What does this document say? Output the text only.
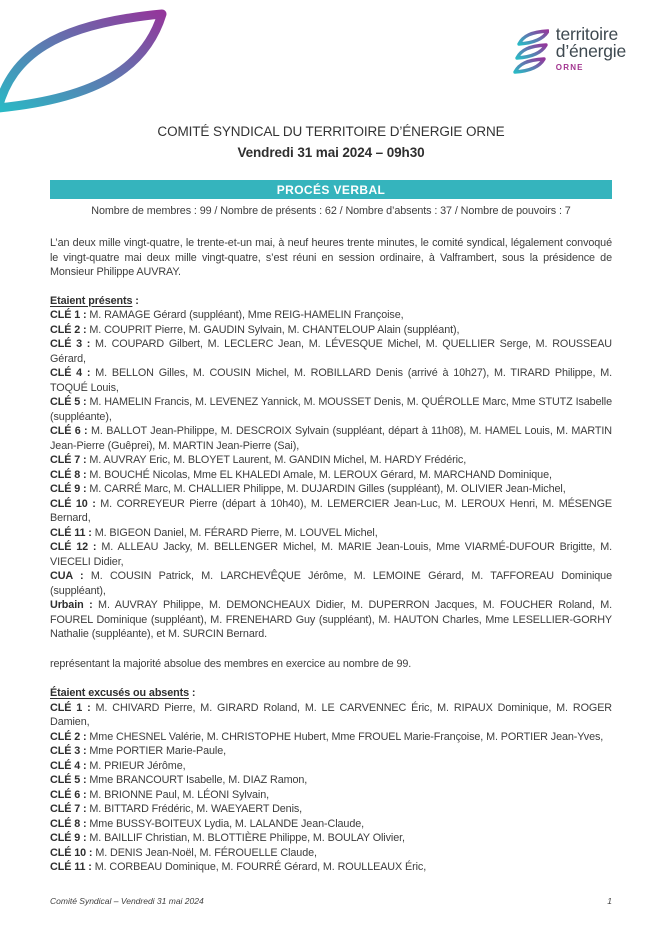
territoire
d’énergie
ORNE
COMITÉ SYNDICAL DU TERRITOIRE D’ÉNERGIE ORNE
Vendredi 31 mai 2024 – 09h30
PROCÉS VERBAL
Nombre de membres : 99 / Nombre de présents : 62 / Nombre d’absents : 37 / Nombre de pouvoirs : 7

L’an deux mille vingt-quatre, le trente-et-un mai, à neuf heures trente minutes, le comité syndical, légalement convoqué le vingt-quatre mai deux mille vingt-quatre, s’est réuni en session ordinaire, à Valframbert, sous la présidence de Monsieur Philippe AUVRAY.

Etaient présents :

CLÉ 1 : M. RAMAGE Gérard (suppléant), Mme REIG-HAMELIN Françoise,

CLÉ 2 : M. COUPRIT Pierre, M. GAUDIN Sylvain, M. CHANTELOUP Alain (suppléant),

CLÉ 3 : M. COUPARD Gilbert, M. LECLERC Jean, M. LÉVESQUE Michel, M. QUELLIER Serge, M. ROUSSEAU Gérard,

CLÉ 4 : M. BELLON Gilles, M. COUSIN Michel, M. ROBILLARD Denis (arrivé à 10h27), M. TIRARD Philippe, M. TOQUÉ Louis,

CLÉ 5 : M. HAMELIN Francis, M. LEVENEZ Yannick, M. MOUSSET Denis, M. QUÉROLLE Marc, Mme STUTZ Isabelle (suppléante),

CLÉ 6 : M. BALLOT Jean-Philippe, M. DESCROIX Sylvain (suppléant, départ à 11h08), M. HAMEL Louis, M. MARTIN Jean-Pierre (Guêprei), M. MARTIN Jean-Pierre (Sai),

CLÉ 7 : M. AUVRAY Eric, M. BLOYET Laurent, M. GANDIN Michel, M. HARDY Frédéric,

CLÉ 8 : M. BOUCHÉ Nicolas, Mme EL KHALEDI Amale, M. LEROUX Gérard, M. MARCHAND Dominique,

CLÉ 9 : M. CARRÉ Marc, M. CHALLIER Philippe, M. DUJARDIN Gilles (suppléant), M. OLIVIER Jean-Michel,

CLÉ 10 : M. CORREYEUR Pierre (départ à 10h40), M. LEMERCIER Jean-Luc, M. LEROUX Henri, M. MÉSENGE Bernard,

CLÉ 11 : M. BIGEON Daniel, M. FÉRARD Pierre, M. LOUVEL Michel,

CLÉ 12 : M. ALLEAU Jacky, M. BELLENGER Michel, M. MARIE Jean-Louis, Mme VIARMÉ-DUFOUR Brigitte, M. VIECELI Didier,

CUA : M. COUSIN Patrick, M. LARCHEVÊQUE Jérôme, M. LEMOINE Gérard, M. TAFFOREAU Dominique (suppléant),

Urbain : M. AUVRAY Philippe, M. DEMONCHEAUX Didier, M. DUPERRON Jacques, M. FOUCHER Roland, M. FOUREL Dominique (suppléant), M. FRENEHARD Guy (suppléant), M. HAUTON Charles, Mme LESELLIER-GORHY Nathalie (suppléante), et M. SURCIN Bernard.

représentant la majorité absolue des membres en exercice au nombre de 99.

Étaient excusés ou absents :

CLÉ 1 : M. CHIVARD Pierre, M. GIRARD Roland, M. LE CARVENNEC Éric, M. RIPAUX Dominique, M. ROGER Damien,

CLÉ 2 : Mme CHESNEL Valérie, M. CHRISTOPHE Hubert, Mme FROUEL Marie-Françoise, M. PORTIER Jean-Yves,

CLÉ 3 : Mme PORTIER Marie-Paule,

CLÉ 4 : M. PRIEUR Jérôme,

CLÉ 5 : Mme BRANCOURT Isabelle, M. DIAZ Ramon,

CLÉ 6 : M. BRIONNE Paul, M. LÉONI Sylvain,

CLÉ 7 : M. BITTARD Frédéric, M. WAEYAERT Denis,

CLÉ 8 : Mme BUSSY-BOITEUX Lydia, M. LALANDE Jean-Claude,

CLÉ 9 : M. BAILLIF Christian, M. BLOTTIÈRE Philippe, M. BOULAY Olivier,

CLÉ 10 : M. DENIS Jean-Noël, M. FÉROUELLE Claude,

CLÉ 11 : M. CORBEAU Dominique, M. FOURRÉ Gérard, M. ROULLEAUX Éric,

Comité Syndical – Vendredi 31 mai 2024	1
